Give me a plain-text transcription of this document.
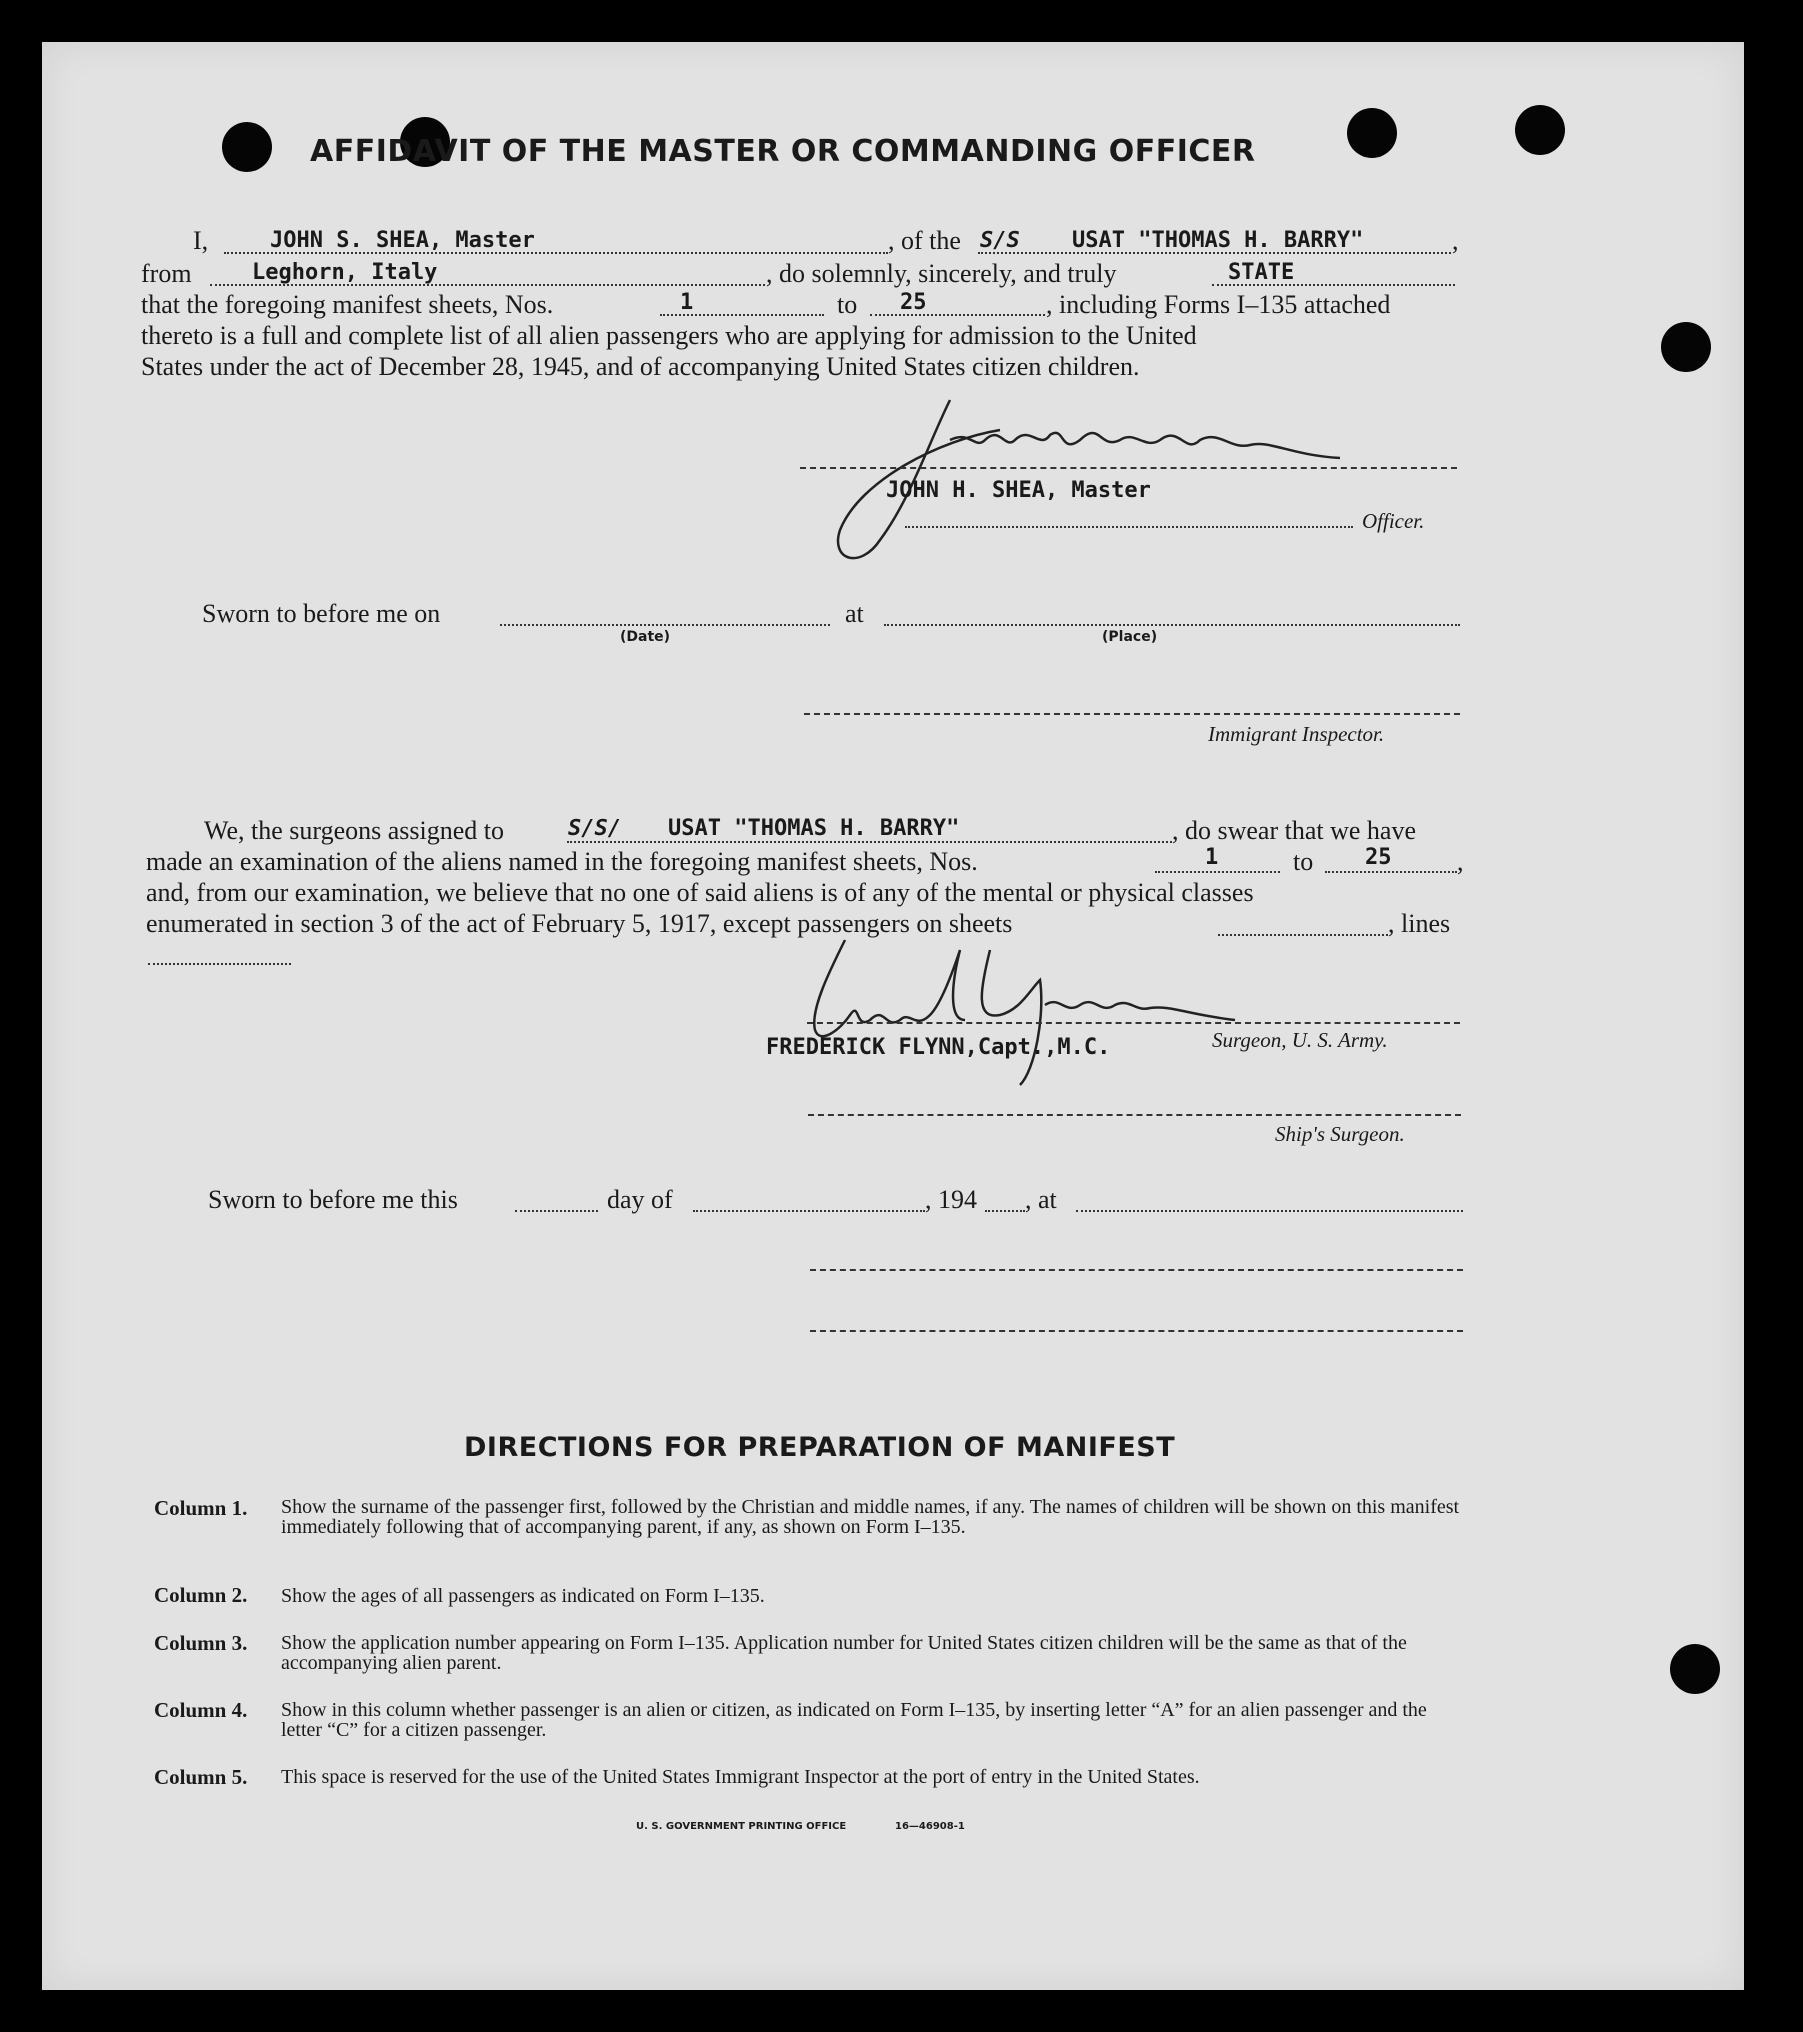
AFFIDAVIT OF THE MASTER OR COMMANDING OFFICER
I,	JOHN S. SHEA, Master	, of the S/S USAT "THOMAS H. BARRY"	,
from	Leghorn, Italy	, do solemnly, sincerely, and truly	STATE
that the foregoing manifest sheets, Nos.	1	to 25	, including Forms I–135 attached
thereto is a full and complete list of all alien passengers who are applying for admission to the United
States under the act of December 28, 1945, and of accompanying United States citizen children.
JOHN H. SHEA, Master
Officer.
Sworn to before me on	at
(Date)	(Place)
Immigrant Inspector.
We, the surgeons assigned to	S/S/ USAT "THOMAS H. BARRY"	, do swear that we have
made an examination of the aliens named in the foregoing manifest sheets, Nos.	1	to 25	,
and, from our examination, we believe that no one of said aliens is of any of the mental or physical classes
enumerated in section 3 of the act of February 5, 1917, except passengers on sheets	, lines
FREDERICK FLYNN,Capt.,M.C.	Surgeon, U. S. Army.
Ship's Surgeon.
Sworn to before me this	day of	, 194 , at
DIRECTIONS FOR PREPARATION OF MANIFEST
Column 1. Show the surname of the passenger first, followed by the Christian and middle names, if any. The names of children will be shown on this manifest immediately following that of accompanying parent, if any, as shown on Form I–135.
Column 2. Show the ages of all passengers as indicated on Form I–135.
Column 3. Show the application number appearing on Form I–135. Application number for United States citizen children will be the same as that of the accompanying alien parent.
Column 4. Show in this column whether passenger is an alien or citizen, as indicated on Form I–135, by inserting letter “A” for an alien passenger and the letter “C” for a citizen passenger.
Column 5. This space is reserved for the use of the United States Immigrant Inspector at the port of entry in the United States.
U. S. GOVERNMENT PRINTING OFFICE	16—46908-1
